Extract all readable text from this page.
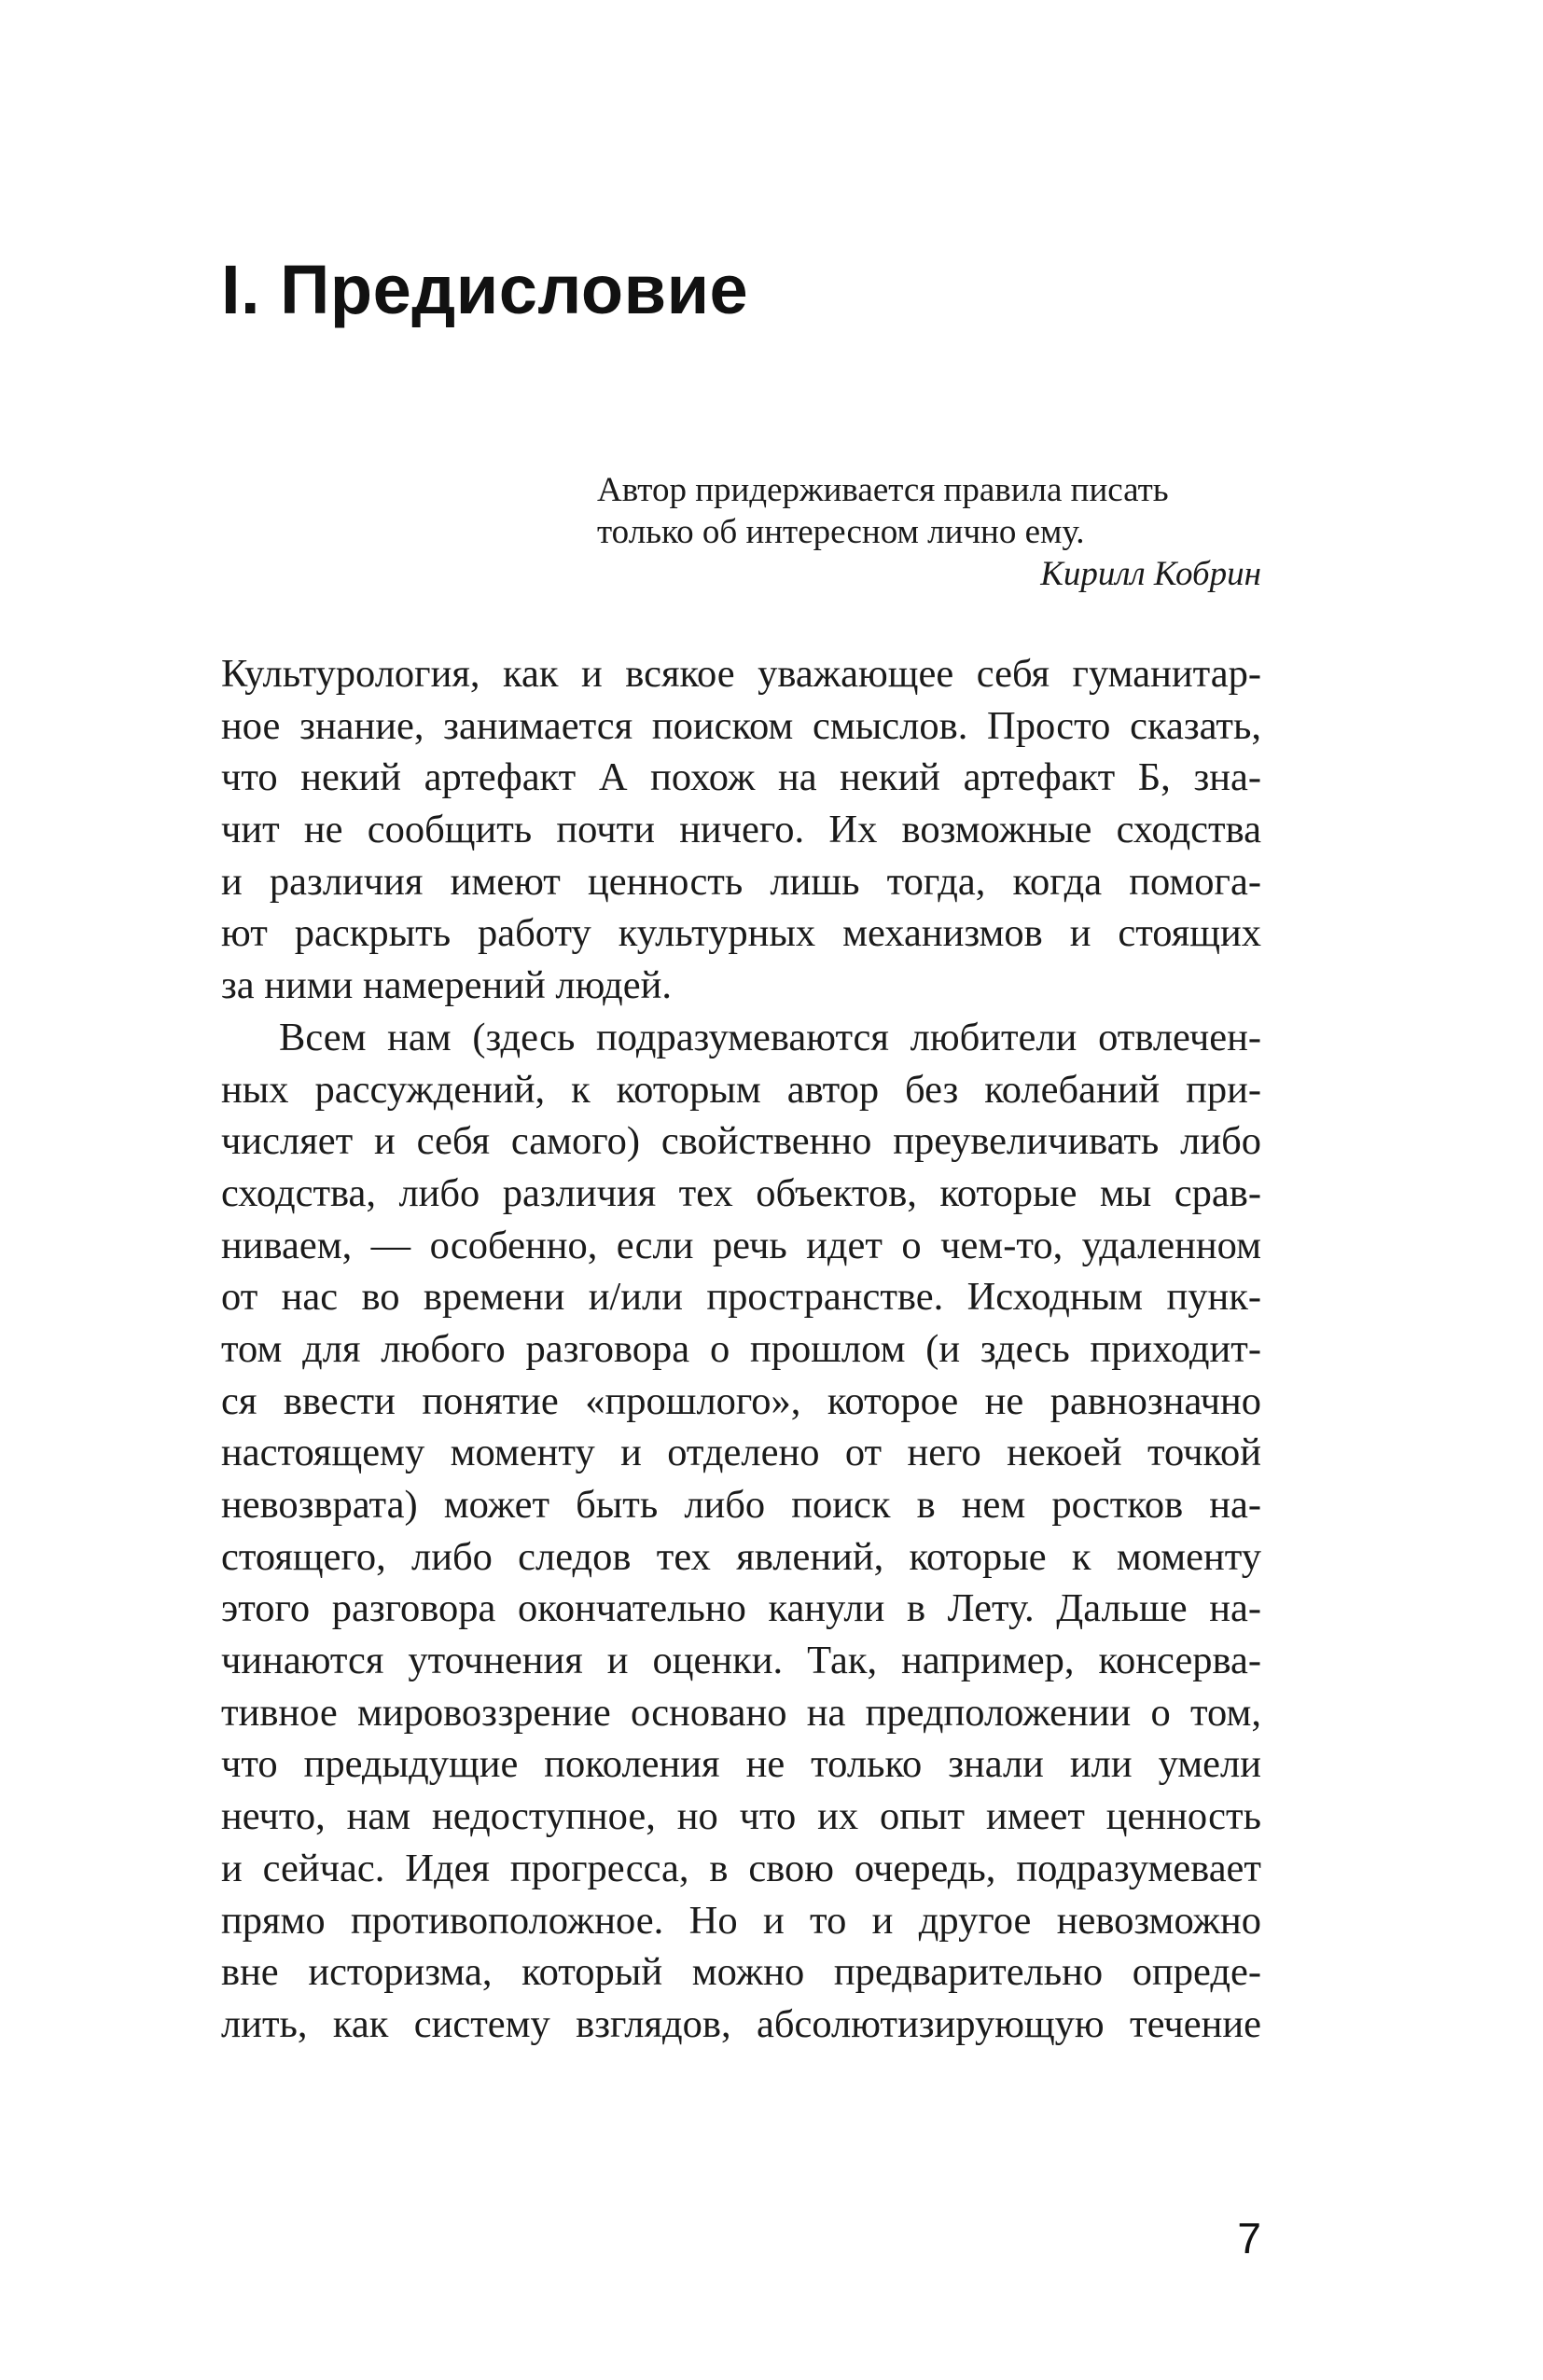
I. Предисловие
Автор придерживается правила писать
только об интересном лично ему.
Кирилл Кобрин
Культурология, как и всякое уважающее себя гуманитар-
ное знание, занимается поиском смыслов. Просто сказать,
что некий артефакт А похож на некий артефакт Б, зна-
чит не сообщить почти ничего. Их возможные сходства
и различия имеют ценность лишь тогда, когда помога-
ют раскрыть работу культурных механизмов и стоящих
за ними намерений людей.
Всем нам (здесь подразумеваются любители отвлечен-
ных рассуждений, к которым автор без колебаний при-
числяет и себя самого) свойственно преувеличивать либо
сходства, либо различия тех объектов, которые мы срав-
ниваем, — особенно, если речь идет о чем-то, удаленном
от нас во времени и/или пространстве. Исходным пунк-
том для любого разговора о прошлом (и здесь приходит-
ся ввести понятие «прошлого», которое не равнозначно
настоящему моменту и отделено от него некоей точкой
невозврата) может быть либо поиск в нем ростков на-
стоящего, либо следов тех явлений, которые к моменту
этого разговора окончательно канули в Лету. Дальше на-
чинаются уточнения и оценки. Так, например, консерва-
тивное мировоззрение основано на предположении о том,
что предыдущие поколения не только знали или умели
нечто, нам недоступное, но что их опыт имеет ценность
и сейчас. Идея прогресса, в свою очередь, подразумевает
прямо противоположное. Но и то и другое невозможно
вне историзма, который можно предварительно опреде-
лить, как систему взглядов, абсолютизирующую течение
7
